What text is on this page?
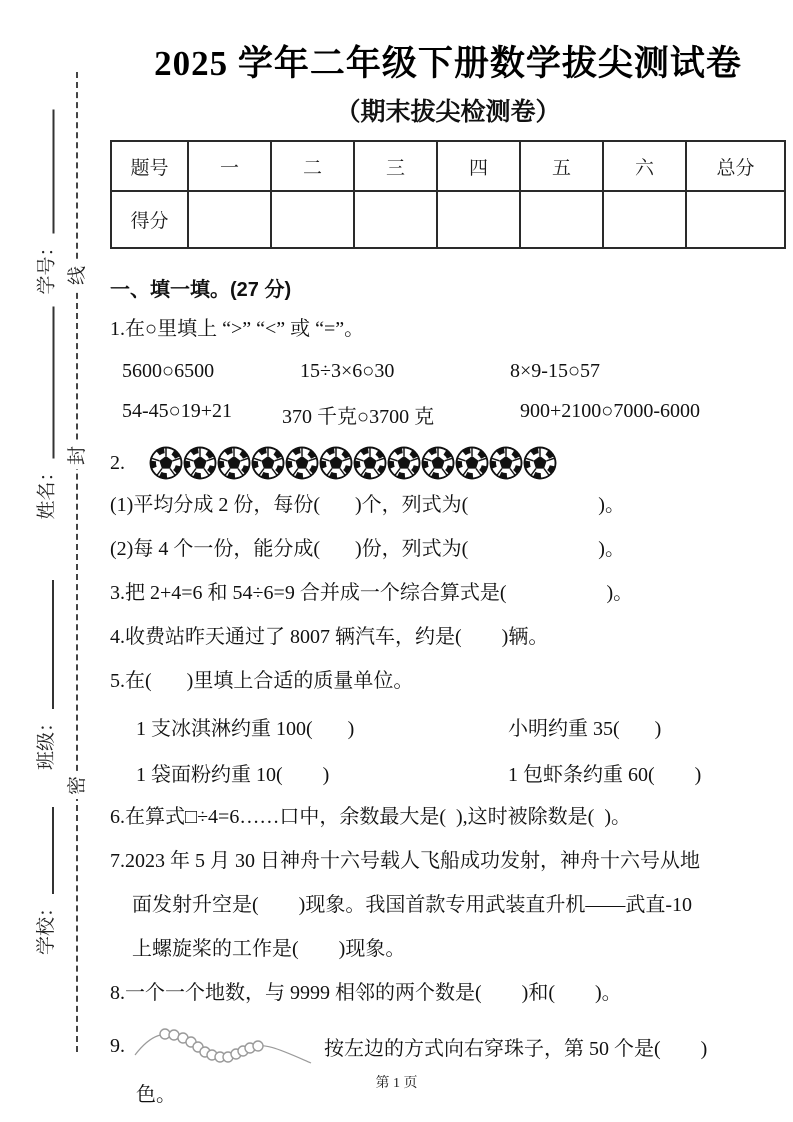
学号：
姓名：
班级：
学校：
线
封
密
2025 学年二年级下册数学拔尖测试卷
（期末拔尖检测卷）
题号	一	二	三	四	五	六	总分
得分							
一、填一填。(27 分)
1.在○里填上 “>” “<” 或 “=”。
5600○6500	15÷3×6○30	8×9-15○57
54-45○19+21	370 千克○3700 克	900+2100○7000-6000
2.
(1)平均分成 2 份，每份(       )个，列式为(                          )。
(2)每 4 个一份，能分成(       )份，列式为(                          )。
3.把 2+4=6 和 54÷6=9 合并成一个综合算式是(                    )。
4.收费站昨天通过了 8007 辆汽车，约是(        )辆。
5.在(       )里填上合适的质量单位。
1 支冰淇淋约重 100(       )	小明约重 35(       )
1 袋面粉约重 10(        )	1 包虾条约重 60(        )
6.在算式□÷4=6……口中，余数最大是(  ),这时被除数是(  )。
7.2023 年 5 月 30 日神舟十六号载人飞船成功发射，神舟十六号从地
面发射升空是(        )现象。我国首款专用武装直升机——武直-10
上螺旋桨的工作是(        )现象。
8.一个一个地数，与 9999 相邻的两个数是(        )和(        )。
9.	按左边的方式向右穿珠子，第 50 个是(        )
色。
第 1 页
